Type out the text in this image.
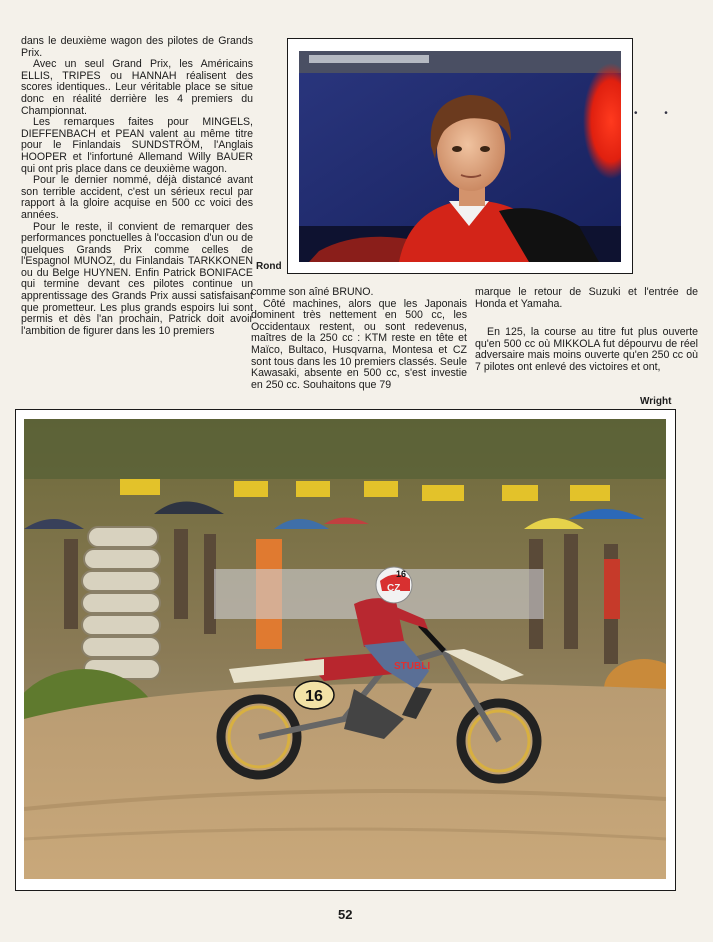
dans le deuxième wagon des pilotes de Grands Prix.

Avec un seul Grand Prix, les Américains ELLIS, TRIPES ou HANNAH réalisent des scores identiques.. Leur véritable place se situe donc en réalité derrière les 4 premiers du Championnat.

Les remarques faites pour MINGELS, DIEFFENBACH et PEAN valent au même titre pour le Finlandais SUNDSTRÖM, l'Anglais HOOPER et l'infortuné Allemand Willy BAUER qui ont pris place dans ce deuxième wagon.

Pour le dernier nommé, déjà distancé avant son terrible accident, c'est un sérieux recul par rapport à la gloire acquise en 500 cc voici des années.

Pour le reste, il convient de remarquer des performances ponctuelles à l'occasion d'un ou de quelques Grands Prix comme celles de l'Espagnol MUNOZ, du Finlandais TARKKONEN ou du Belge HUYNEN. Enfin Patrick BONIFACE qui termine devant ces pilotes continue un apprentissage des Grands Prix aussi satisfaisant que prometteur. Les plus grands espoirs lui sont permis et dès l'an prochain, Patrick doit avoir l'ambition de figurer dans les 10 premiers

Rond
• •

comme son aîné BRUNO.

Côté machines, alors que les Japonais dominent très nettement en 500 cc, les Occidentaux restent, ou sont redevenus, maîtres de la 250 cc : KTM reste en tête et Maïco, Bultaco, Husqvarna, Montesa et CZ sont tous dans les 10 premiers classés. Seule Kawasaki, absente en 500 cc, s'est investie en 250 cc. Souhaitons que 79

marque le retour de Suzuki et l'entrée de Honda et Yamaha.

En 125, la course au titre fut plus ouverte qu'en 500 cc où MIKKOLA fut dépourvu de réel adversaire mais moins ouverte qu'en 250 cc où 7 pilotes ont enlevé des victoires et ont,

Wright
16
STUBLI
CZ
16
52
